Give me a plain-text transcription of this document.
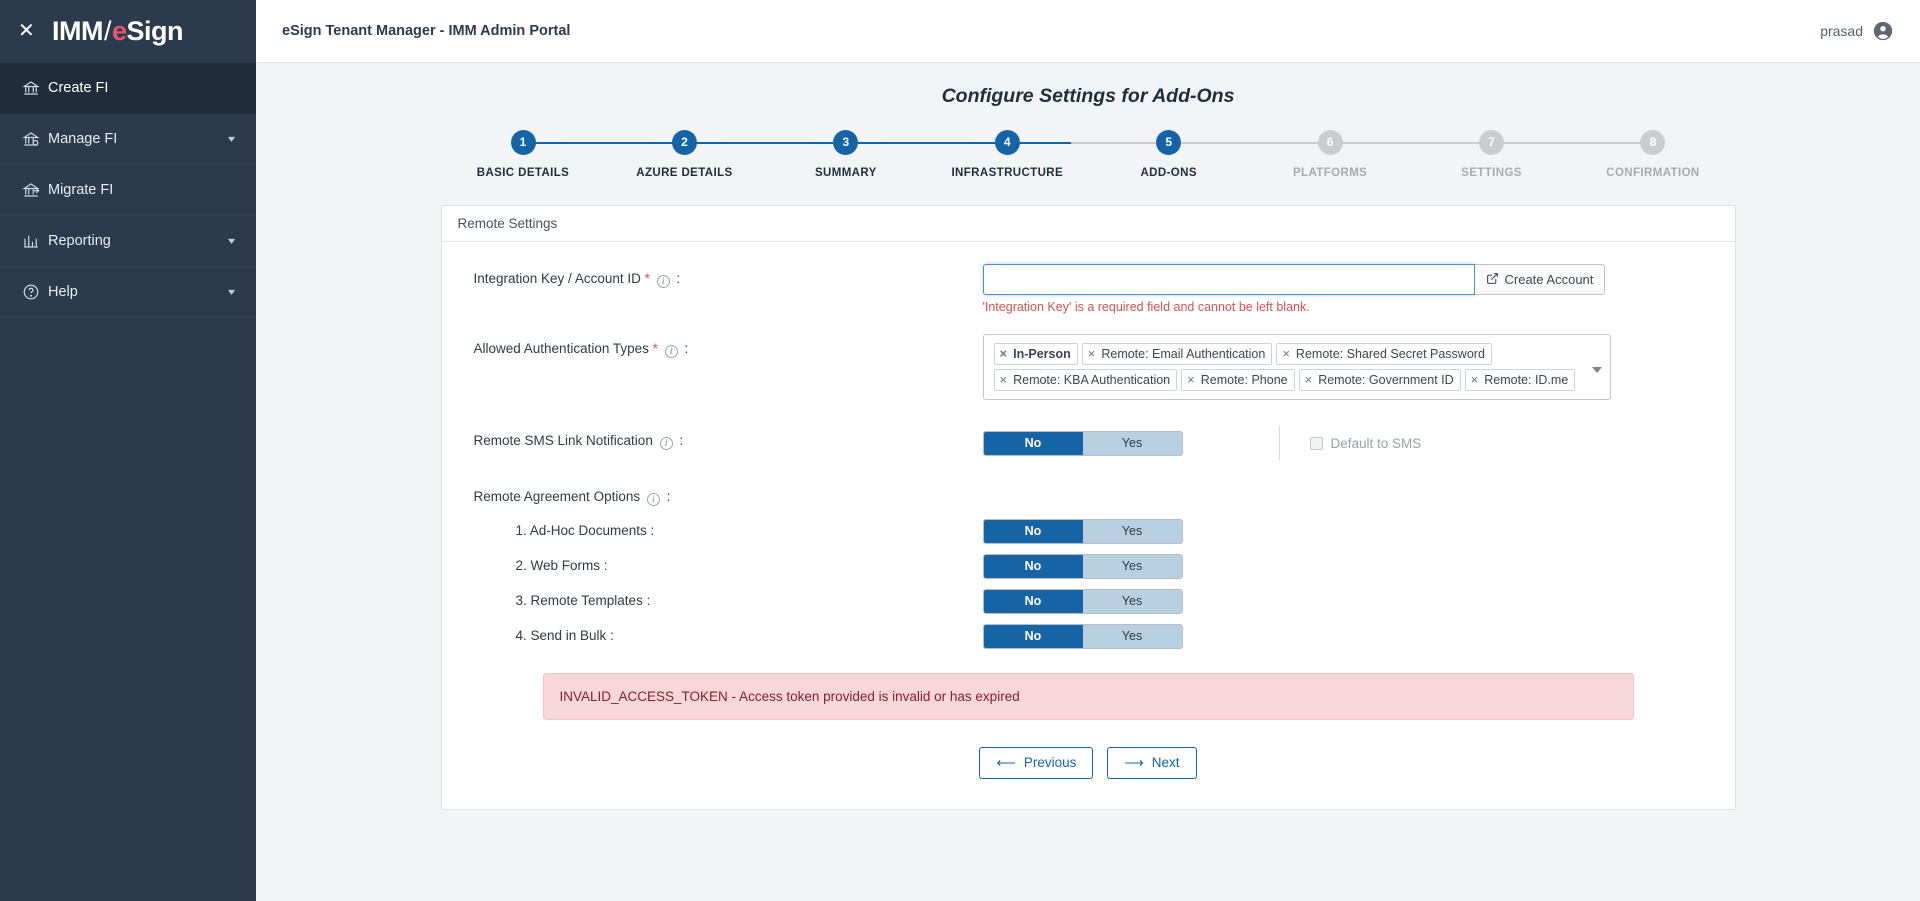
✕ IMM / e Sign
Create FI
Manage FI	▾
Migrate FI
Reporting	▾
Help	▾
eSign Tenant Manager - IMM Admin Portal	prasad
Configure Settings for Add-Ons
1
BASIC DETAILS
2
AZURE DETAILS
3
SUMMARY
4
INFRASTRUCTURE
5
ADD-ONS
6
PLATFORMS
7
SETTINGS
8
CONFIRMATION
Remote Settings
Integration Key / Account ID * i :	Create Account
'Integration Key' is a required field and cannot be left blank.
Allowed Authentication Types * i :	× In-Person × Remote: Email Authentication × Remote: Shared Secret Password
× Remote: KBA Authentication × Remote: Phone × Remote: Government ID × Remote: ID.me
Remote SMS Link Notification i :	No	Yes	Default to SMS
Remote Agreement Options i :
1. Ad-Hoc Documents :	No	Yes
2. Web Forms :	No	Yes
3. Remote Templates :	No	Yes
4. Send in Bulk :	No	Yes
INVALID_ACCESS_TOKEN - Access token provided is invalid or has expired
⟵ Previous	⟶ Next
